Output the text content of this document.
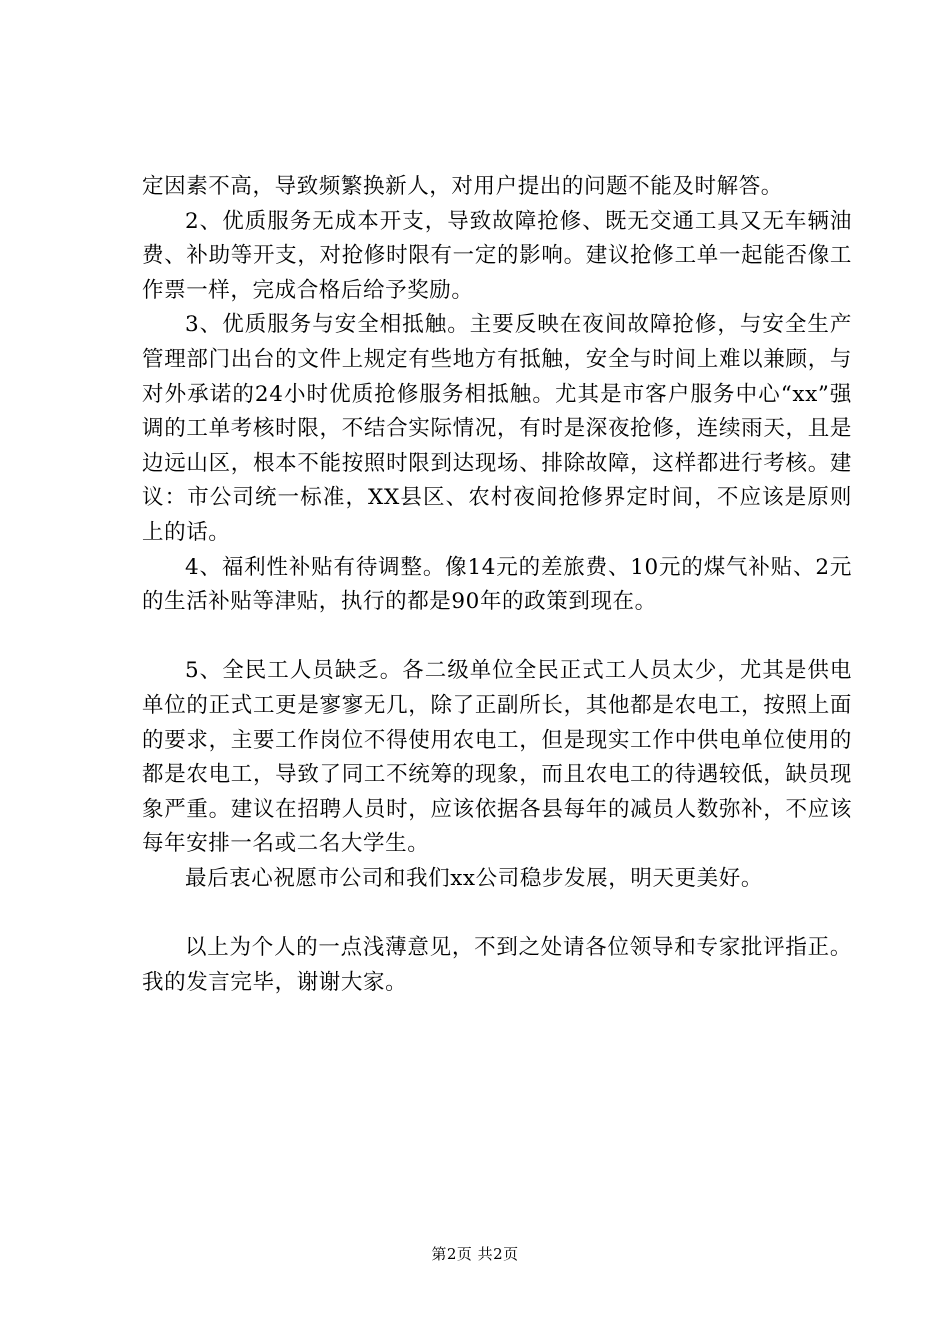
定因素不高，导致频繁换新人，对用户提出的问题不能及时解答。

2、优质服务无成本开支，导致故障抢修、既无交通工具又无车辆油费、补助等开支，对抢修时限有一定的影响。建议抢修工单一起能否像工作票一样，完成合格后给予奖励。

3、优质服务与安全相抵触。主要反映在夜间故障抢修，与安全生产管理部门出台的文件上规定有些地方有抵触，安全与时间上难以兼顾，与对外承诺的24小时优质抢修服务相抵触。尤其是市客户服务中心“xx”强调的工单考核时限，不结合实际情况，有时是深夜抢修，连续雨天，且是边远山区，根本不能按照时限到达现场、排除故障，这样都进行考核。建议：市公司统一标准，XX县区、农村夜间抢修界定时间，不应该是原则上的话。

4、福利性补贴有待调整。像14元的差旅费、10元的煤气补贴、2元的生活补贴等津贴，执行的都是90年的政策到现在。

5、全民工人员缺乏。各二级单位全民正式工人员太少，尤其是供电单位的正式工更是寥寥无几，除了正副所长，其他都是农电工，按照上面的要求，主要工作岗位不得使用农电工，但是现实工作中供电单位使用的都是农电工，导致了同工不统筹的现象，而且农电工的待遇较低，缺员现象严重。建议在招聘人员时，应该依据各县每年的减员人数弥补，不应该每年安排一名或二名大学生。

最后衷心祝愿市公司和我们xx公司稳步发展，明天更美好。

以上为个人的一点浅薄意见，不到之处请各位领导和专家批评指正。我的发言完毕，谢谢大家。

第2页 共2页
